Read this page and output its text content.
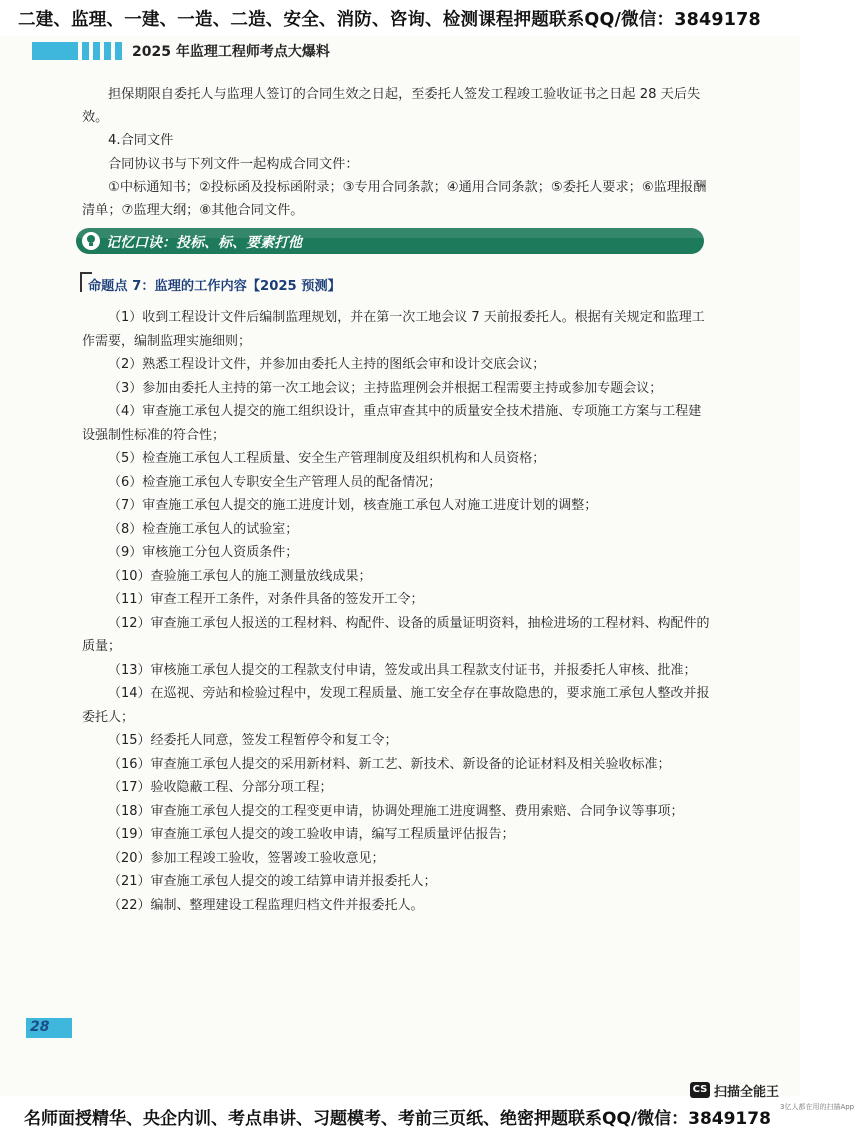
二建、监理、一建、一造、二造、安全、消防、咨询、检测课程押题联系QQ/微信：3849178
2025 年监理工程师考点大爆料
担保期限自委托人与监理人签订的合同生效之日起，至委托人签发工程竣工验收证书之日起 28 天后失效。
4.合同文件
合同协议书与下列文件一起构成合同文件：
①中标通知书；②投标函及投标函附录；③专用合同条款；④通用合同条款；⑤委托人要求；⑥监理报酬清单；⑦监理大纲；⑧其他合同文件。
记忆口诀：投标、标、要素打他
命题点 7：监理的工作内容【2025 预测】
（1）收到工程设计文件后编制监理规划，并在第一次工地会议 7 天前报委托人。根据有关规定和监理工作需要，编制监理实施细则；
（2）熟悉工程设计文件，并参加由委托人主持的图纸会审和设计交底会议；
（3）参加由委托人主持的第一次工地会议；主持监理例会并根据工程需要主持或参加专题会议；
（4）审查施工承包人提交的施工组织设计，重点审查其中的质量安全技术措施、专项施工方案与工程建设强制性标准的符合性；
（5）检查施工承包人工程质量、安全生产管理制度及组织机构和人员资格；
（6）检查施工承包人专职安全生产管理人员的配备情况；
（7）审查施工承包人提交的施工进度计划，核查施工承包人对施工进度计划的调整；
（8）检查施工承包人的试验室；
（9）审核施工分包人资质条件；
（10）查验施工承包人的施工测量放线成果；
（11）审查工程开工条件，对条件具备的签发开工令；
（12）审查施工承包人报送的工程材料、构配件、设备的质量证明资料，抽检进场的工程材料、构配件的质量；
（13）审核施工承包人提交的工程款支付申请，签发或出具工程款支付证书，并报委托人审核、批准；
（14）在巡视、旁站和检验过程中，发现工程质量、施工安全存在事故隐患的，要求施工承包人整改并报委托人；
（15）经委托人同意，签发工程暂停令和复工令；
（16）审查施工承包人提交的采用新材料、新工艺、新技术、新设备的论证材料及相关验收标准；
（17）验收隐蔽工程、分部分项工程；
（18）审查施工承包人提交的工程变更申请，协调处理施工进度调整、费用索赔、合同争议等事项；
（19）审查施工承包人提交的竣工验收申请，编写工程质量评估报告；
（20）参加工程竣工验收，签署竣工验收意见；
（21）审查施工承包人提交的竣工结算申请并报委托人；
（22）编制、整理建设工程监理归档文件并报委托人。
28
名师面授精华、央企内训、考点串讲、习题模考、考前三页纸、绝密押题联系QQ/微信：3849178
CS 扫描全能王
3亿人都在用的扫描App
